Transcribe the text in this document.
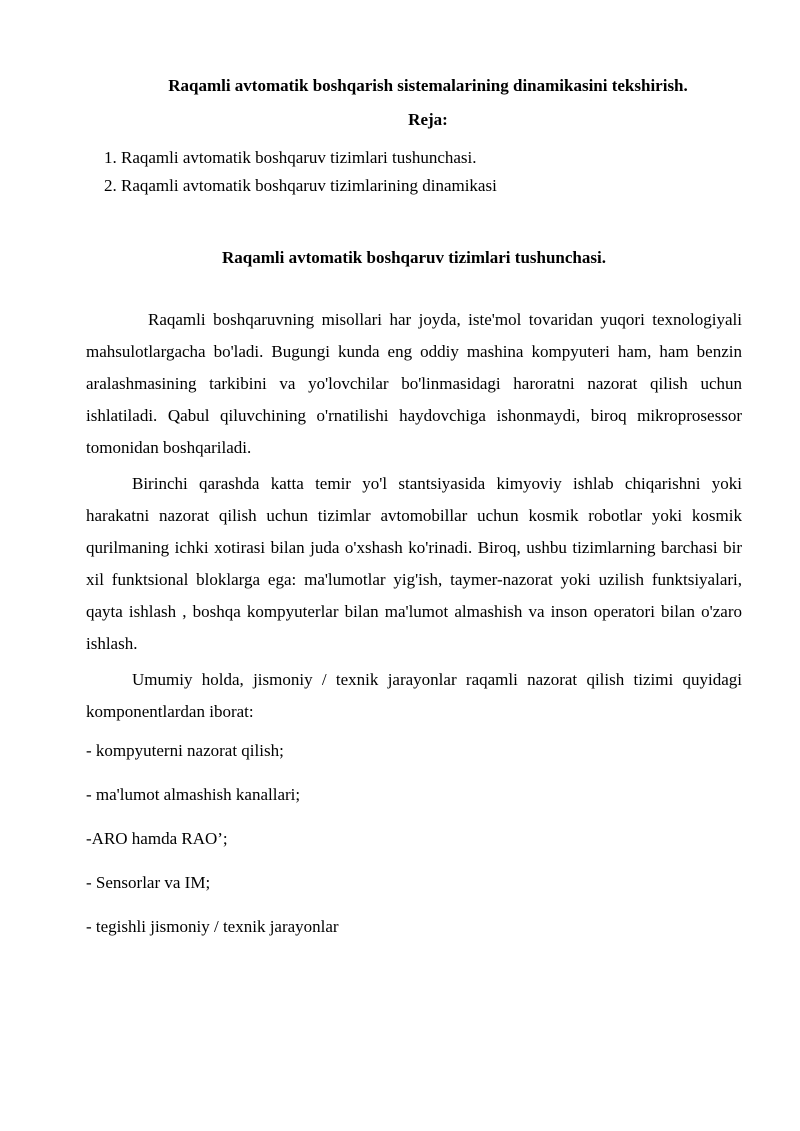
Raqamli avtomatik boshqarish sistemalarining dinamikasini tekshirish.
Reja:
1. Raqamli avtomatik boshqaruv tizimlari tushunchasi.
2. Raqamli avtomatik boshqaruv tizimlarining dinamikasi
Raqamli avtomatik boshqaruv tizimlari tushunchasi.

Raqamli boshqaruvning misollari har joyda, iste'mol tovaridan yuqori texnologiyali mahsulotlargacha bo'ladi. Bugungi kunda eng oddiy mashina kompyuteri ham, ham benzin aralashmasining tarkibini va yo'lovchilar bo'linmasidagi haroratni nazorat qilish uchun ishlatiladi. Qabul qiluvchining o'rnatilishi haydovchiga ishonmaydi, biroq mikroprosessor tomonidan boshqariladi.

Birinchi qarashda katta temir yo'l stantsiyasida kimyoviy ishlab chiqarishni yoki harakatni nazorat qilish uchun tizimlar avtomobillar uchun kosmik robotlar yoki kosmik qurilmaning ichki xotirasi bilan juda o'xshash ko'rinadi. Biroq, ushbu tizimlarning barchasi bir xil funktsional bloklarga ega: ma'lumotlar yig'ish, taymer-nazorat yoki uzilish funktsiyalari, qayta ishlash , boshqa kompyuterlar bilan ma'lumot almashish va inson operatori bilan o'zaro ishlash.

Umumiy holda, jismoniy / texnik jarayonlar raqamli nazorat qilish tizimi quyidagi komponentlardan iborat:

- kompyuterni nazorat qilish;

- ma'lumot almashish kanallari;

-ARO hamda RAO’;

- Sensorlar va IM;

- tegishli jismoniy / texnik jarayonlar
